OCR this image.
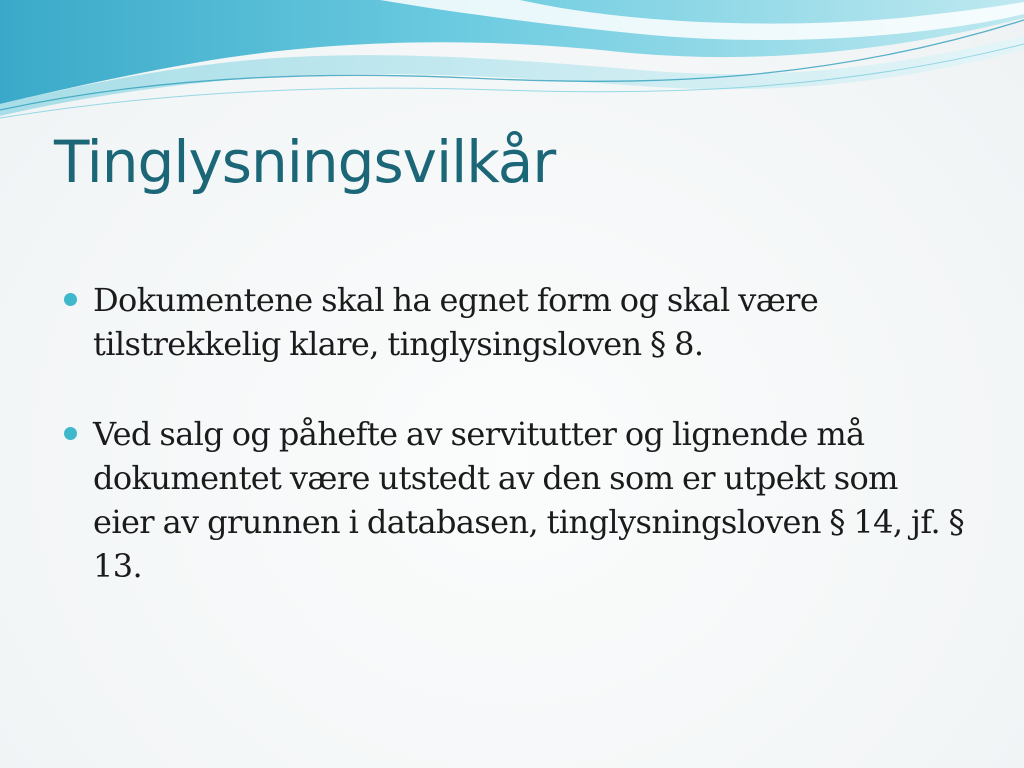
Tinglysningsvilkår
Dokumentene skal ha egnet form og skal være tilstrekkelig klare, tinglysingsloven § 8.
Ved salg og påhefte av servitutter og lignende må dokumentet være utstedt av den som er utpekt som eier av grunnen i databasen, tinglysningsloven § 14, jf. § 13.
